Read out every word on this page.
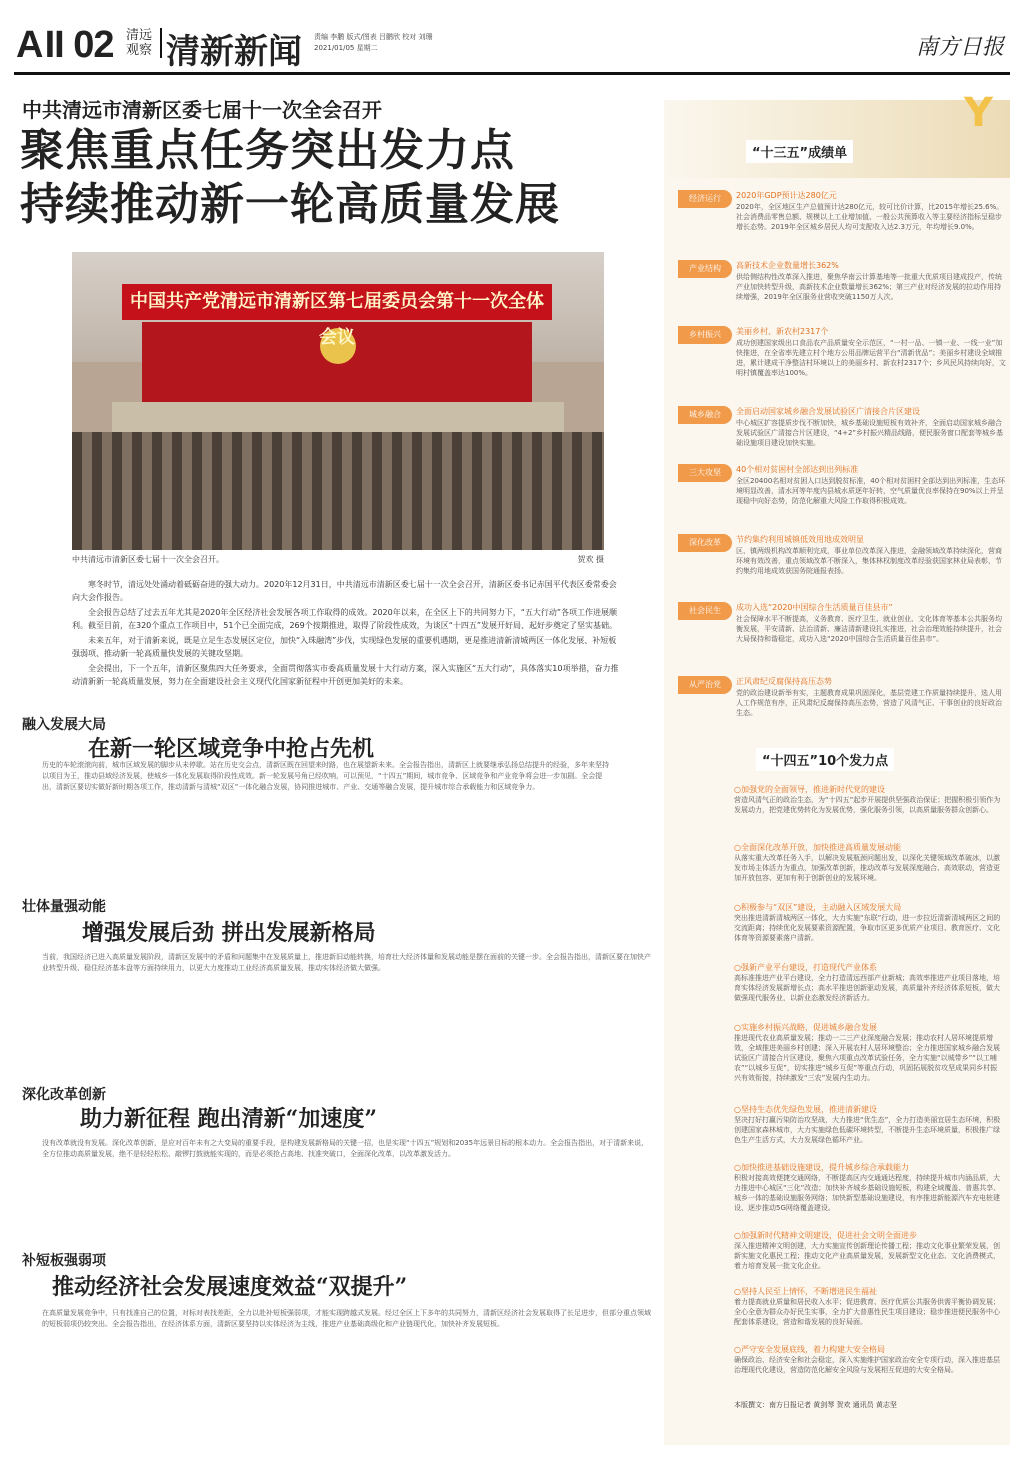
A II 02 清远观察 清新新闻 责编 李鹏 版式/图表 吕鹏欣 校对 刘珊
2021/01/05 星期二	南方日报
中共清远市清新区委七届十一次全会召开
聚焦重点任务突出发力点
持续推动新一轮高质量发展
中国共产党清远市清新区第七届委员会第十一次全体会议
中共清远市清新区委七届十一次全会召开。	贺欢 摄

寒冬时节，清远处处涌动着砥砺奋进的强大动力。2020年12月31日，中共清远市清新区委七届十一次全会召开，清新区委书记赤国平代表区委常委会向大会作报告。

全会报告总结了过去五年尤其是2020年全区经济社会发展各项工作取得的成效。2020年以来，在全区上下的共同努力下，“五大行动”各项工作进展顺利。截至目前，在320个重点工作项目中，51个已全面完成，269个按期推进，取得了阶段性成效，为谈区“十四五”发展开好局、起好步奠定了坚实基础。

未来五年，对于清新来说，既是立足生态发展区定位，加快“入珠融湾”步伐，实现绿色发展的重要机遇期，更是推进清新清城两区一体化发展、补短板强弱项、推动新一轮高质量快发展的关键攻坚期。

全会提出，下一个五年，清新区聚焦四大任务要求，全面贯彻落实市委高质量发展十大行动方案，深入实施区“五大行动”，具体落实10项举措，奋力推动清新新一轮高质量发展，努力在全面建设社会主义现代化国家新征程中开创更加美好的未来。

融入发展大局
在新一轮区域竞争中抢占先机
历史的车轮滚滚向前，城市区域发展的脚步从未停歇。站在历史交会点，清新区既在回望来时路，也在展望新未来。全会报告指出，清新区上就要继承弘扬总结提升的经验，多年来坚持以项目为王，推动县域经济发展，使城乡一体化发展取得阶段性成效。新一轮发展号角已经吹响，可以预见，“十四五”期间，城市竞争、区域竞争和产业竞争将会进一步加剧。全会提出，清新区要切实做好新时期各项工作，推动清新与清城“双区”一体化融合发展，协同推进城市、产业、交通等融合发展，提升城市综合承载能力和区域竞争力。
壮体量强动能
增强发展后劲 拼出发展新格局
当前，我国经济已进入高质量发展阶段，清新区发展中的矛盾和问题集中在发展质量上，推进新旧动能转换，培育壮大经济体量和发展动能是摆在面前的关键一步。全会报告指出，清新区要在加快产业转型升级、稳住经济基本盘等方面持续用力，以更大力度推动工业经济高质量发展，推动实体经济做大做强。
深化改革创新
助力新征程 跑出清新“加速度”
没有改革就没有发展。深化改革创新，是应对百年未有之大变局的重要手段，是构建发展新格局的关键一招，也是实现“十四五”规划和2035年远景目标的根本动力。全会报告指出，对于清新来说，全方位推动高质量发展，绝不是轻轻松松、敲锣打鼓就能实现的，而是必须抢占高地、找准突破口，全面深化改革，以改革激发活力。
补短板强弱项
推动经济社会发展速度效益“双提升”
在高质量发展竞争中，只有找准自己的位置，对标对表找差距，全力以赴补短板强弱项，才能实现跨越式发展。经过全区上下多年的共同努力，清新区经济社会发展取得了长足进步，但部分重点领域的短板弱项仍较突出。全会报告指出，在经济体系方面，清新区要坚持以实体经济为主线，推进产业基础高级化和产业链现代化，加快补齐发展短板。
Y
“十三五”成绩单
经济运行	2020年GDP预计达280亿元
2020年，全区地区生产总值预计达280亿元，较可比价计算，比2015年增长25.6%。社会消费品零售总额、规模以上工业增加值、一般公共预算收入等主要经济指标呈稳步增长态势。2019年全区城乡居民人均可支配收入达2.3万元，年均增长9.0%。
产业结构	高新技术企业数量增长362%
供给侧结构性改革深入推进，聚焦华南云计算基地等一批重大优质项目建成投产，传统产业加快转型升级，高新技术企业数量增长362%；第三产业对经济发展的拉动作用持续增强，2019年全区服务业营收突破1150万人次。
乡村振兴	美丽乡村、新农村2317个
成功创建国家级出口食品农产品质量安全示范区，“一村一品、一镇一业、一线一业”加快推进，在全省率先建立村个地方公用品牌运营平台“清新优品”；美丽乡村建设全域推进，累计建成干净整洁村环境以上的美丽乡村、新农村2317个；乡风民风持续向好，文明村镇覆盖率达100%。
城乡融合	全面启动国家城乡融合发展试验区广清接合片区建设
中心城区扩容提质步伐不断加快，城乡基础设施短板有效补齐，全面启动国家城乡融合发展试验区广清接合片区建设，“4+2”乡村振兴精品线路，便民服务窗口配套等城乡基础设施项目建设加快实施。
三大攻坚	40个相对贫困村全部达到出列标准
全区20400名相对贫困人口达到脱贫标准，40个相对贫困村全部达到出列标准，生态环境明显改善，清水河等年度内县城水质逐年好转，空气质量优良率保持在90%以上并呈现稳中向好态势，防范化解重大风险工作取得积极成效。
深化改革	节约集约利用城镇低效用地成效明显
区、镇两级机构改革顺利完成，事业单位改革深入推进，金融领域改革持续深化，营商环境有效改善，重点领域改革不断深入，集体林权制度改革经验获国家林业局表彰，节约集约用地成效获国务院通报表扬。
社会民生	成功入选“2020中国综合生活质量百佳县市”
社会保障水平不断提高，义务教育、医疗卫生、就业创业、文化体育等基本公共服务均衡发展，平安清新、法治清新、廉洁清新建设扎实推进，社会治理效能持续提升，社会大局保持和谐稳定，成功入选“2020中国综合生活质量百佳县市”。
从严治党	正风肃纪反腐保持高压态势
党的政治建设新举有实，主题教育成果巩固深化，基层党建工作质量持续提升，选人用人工作规范有序，正风肃纪反腐保持高压态势，营造了风清气正、干事创业的良好政治生态。
“十四五”10个发力点
○加强党的全面领导，推进新时代党的建设
营造风清气正的政治生态，为“十四五”起步开展提供坚强政治保证；把握积极引领作为发展动力，把党建优势转化为发展优势，强化服务引领，以高质量服务群众创新心。
○全面深化改革开放，加快推进高质量发展动能
从落实重大改革任务入手，以解决发展瓶颈问题出发，以深化关键领域改革破冰，以激发市场主体活力为重点，加强改革创新，推动改革与发展深度融合、高效联动，营造更加开放包容、更加有利于创新创业的发展环境。
○积极参与“双区”建设，主动融入区域发展大局
突出推进清新清城两区一体化，大力实施“东联”行动，进一步拉近清新清城两区之间的交流距离；持续优化发展要素资源配置，争取市区更多优质产业项目、教育医疗、文化体育等资源要素落户清新。
○强新产业平台建设，打造现代产业体系
高标准推进产业平台建设，全力打造清远西部产业新城；高效率推进产业项目落地，培育实体经济发展新增长点；高水平推进创新驱动发展，高质量补齐经济体系短板，做大做强现代服务业，以新业态激发经济新活力。
○实施乡村振兴战略，促进城乡融合发展
推进现代农业高质量发展；推动一二三产业深度融合发展；推动农村人居环境提质增效，全域推进美丽乡村创建；深入开展农村人居环境整治；全力推进国家城乡融合发展试验区广清接合片区建设，聚焦六项重点改革试验任务，全力实施“以城带乡”“以工哺农”“以城乡互促”，切实推进“城乡互促”等重点行动，巩固拓展脱贫攻坚成果同乡村振兴有效衔接，持续激发“三农”发展内生动力。
○坚持生态优先绿色发展，推进清新建设
坚决打好打赢污染防治攻坚战，大力推进“优生态”，全力打造美丽宜居生态环境，积极创建国家森林城市，大力实施绿色低碳环境转型，不断提升生态环境质量，积极推广绿色生产生活方式，大力发展绿色循环产业。
○加快推进基础设施建设，提升城乡综合承载能力
积极对接高效便捷交通网络，不断提高区内交通通达程度，持续提升城市内涵品质，大力推进中心城区“三化”改造；加快补齐城乡基础设施短板，构建全域覆盖、普惠共享、城乡一体的基础设施服务网络；加快新型基础设施建设，有序推进新能源汽车充电桩建设、逐步推动5G网络覆盖建设。
○加强新时代精神文明建设，促进社会文明全面进步
深入推进精神文明创建，大力实施宣传创新理论传播工程；推动文化事业繁荣发展，创新实施文化惠民工程；推动文化产业高质量发展，发展新型文化业态、文化消费模式，着力培育发展一批文化企业。
○坚持人民至上情怀，不断增进民生福祉
着力提高就业质量和居民收入水平；促进教育、医疗优质公共服务供需平衡协调发展；全心全意为群众办好民生实事，全力扩大普惠性民生项目建设；稳步推进便民服务中心配套体系建设，营造和谐发展的良好局面。
○严守安全发展底线，着力构建大安全格局
确保政治、经济安全和社会稳定，深入实施维护国家政治安全专项行动，深入推进基层治理现代化建设，营造防范化解安全风险与发展相互促进的大安全格局。
本版撰文：南方日报记者 黄剑琴 贺欢 通讯员 黄志坚
